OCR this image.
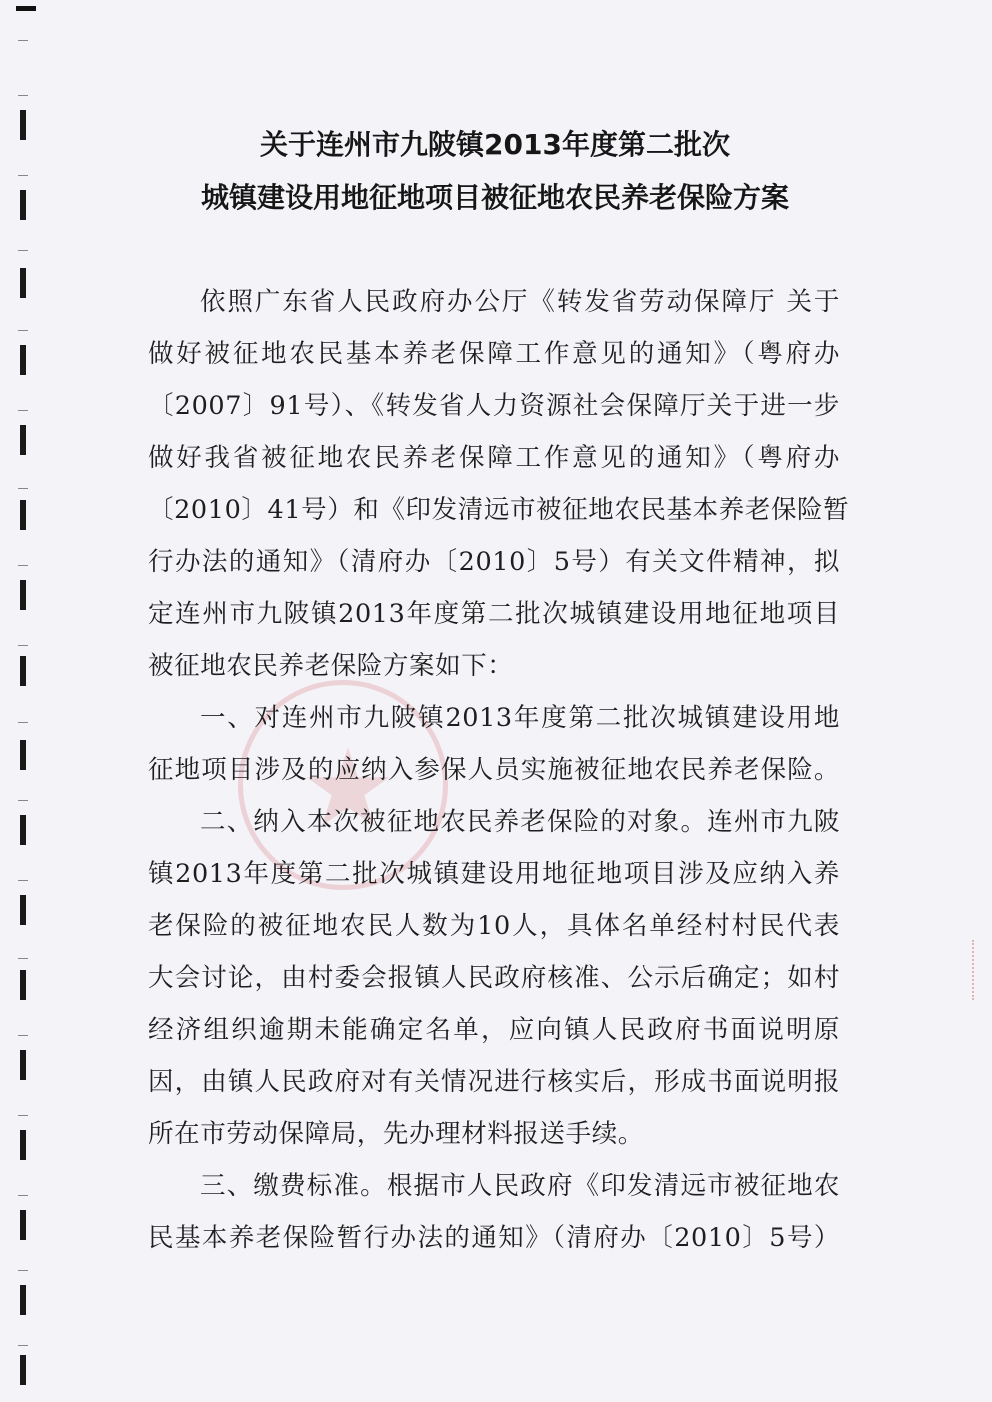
关于连州市九陂镇2013年度第二批次
城镇建设用地征地项目被征地农民养老保险方案
依照广东省人民政府办公厅《转发省劳动保障厅 关于
做好被征地农民基本养老保障工作意见的通知》（粤府办
〔2007〕91号）、《转发省人力资源社会保障厅关于进一步
做好我省被征地农民养老保障工作意见的通知》（粤府办
〔2010〕41号）和《印发清远市被征地农民基本养老保险暂
行办法的通知》（清府办〔2010〕5号）有关文件精神，拟
定连州市九陂镇2013年度第二批次城镇建设用地征地项目
被征地农民养老保险方案如下：
一、对连州市九陂镇2013年度第二批次城镇建设用地
征地项目涉及的应纳入参保人员实施被征地农民养老保险。
二、纳入本次被征地农民养老保险的对象。连州市九陂
镇2013年度第二批次城镇建设用地征地项目涉及应纳入养
老保险的被征地农民人数为10人，具体名单经村村民代表
大会讨论，由村委会报镇人民政府核准、公示后确定；如村
经济组织逾期未能确定名单，应向镇人民政府书面说明原
因，由镇人民政府对有关情况进行核实后，形成书面说明报
所在市劳动保障局，先办理材料报送手续。
三、缴费标准。根据市人民政府《印发清远市被征地农
民基本养老保险暂行办法的通知》（清府办〔2010〕5号）
